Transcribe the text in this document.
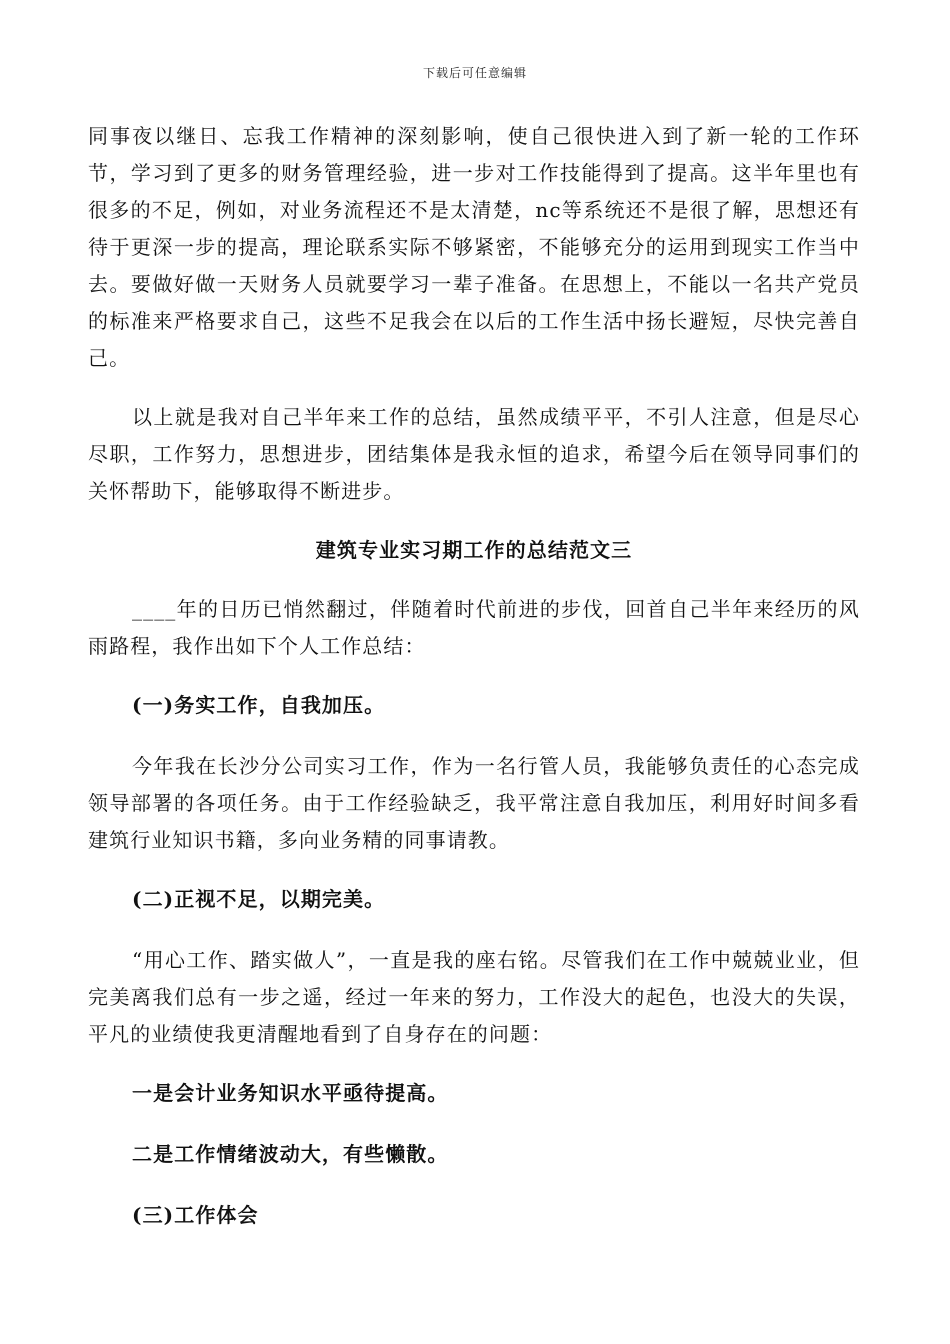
下载后可任意编辑

同事夜以继日、忘我工作精神的深刻影响，使自己很快进入到了新一轮的工作环节，学习到了更多的财务管理经验，进一步对工作技能得到了提高。这半年里也有很多的不足，例如，对业务流程还不是太清楚，nc等系统还不是很了解，思想还有待于更深一步的提高，理论联系实际不够紧密，不能够充分的运用到现实工作当中去。要做好做一天财务人员就要学习一辈子准备。在思想上，不能以一名共产党员的标准来严格要求自己，这些不足我会在以后的工作生活中扬长避短，尽快完善自己。

以上就是我对自己半年来工作的总结，虽然成绩平平，不引人注意，但是尽心尽职，工作努力，思想进步，团结集体是我永恒的追求，希望今后在领导同事们的关怀帮助下，能够取得不断进步。

建筑专业实习期工作的总结范文三

____年的日历已悄然翻过，伴随着时代前进的步伐，回首自己半年来经历的风雨路程，我作出如下个人工作总结：

(一)务实工作，自我加压。

今年我在长沙分公司实习工作，作为一名行管人员，我能够负责任的心态完成领导部署的各项任务。由于工作经验缺乏，我平常注意自我加压，利用好时间多看建筑行业知识书籍，多向业务精的同事请教。

(二)正视不足，以期完美。

“用心工作、踏实做人”，一直是我的座右铭。尽管我们在工作中兢兢业业，但完美离我们总有一步之遥，经过一年来的努力，工作没大的起色，也没大的失误，平凡的业绩使我更清醒地看到了自身存在的问题：

一是会计业务知识水平亟待提高。
二是工作情绪波动大，有些懒散。
(三)工作体会
